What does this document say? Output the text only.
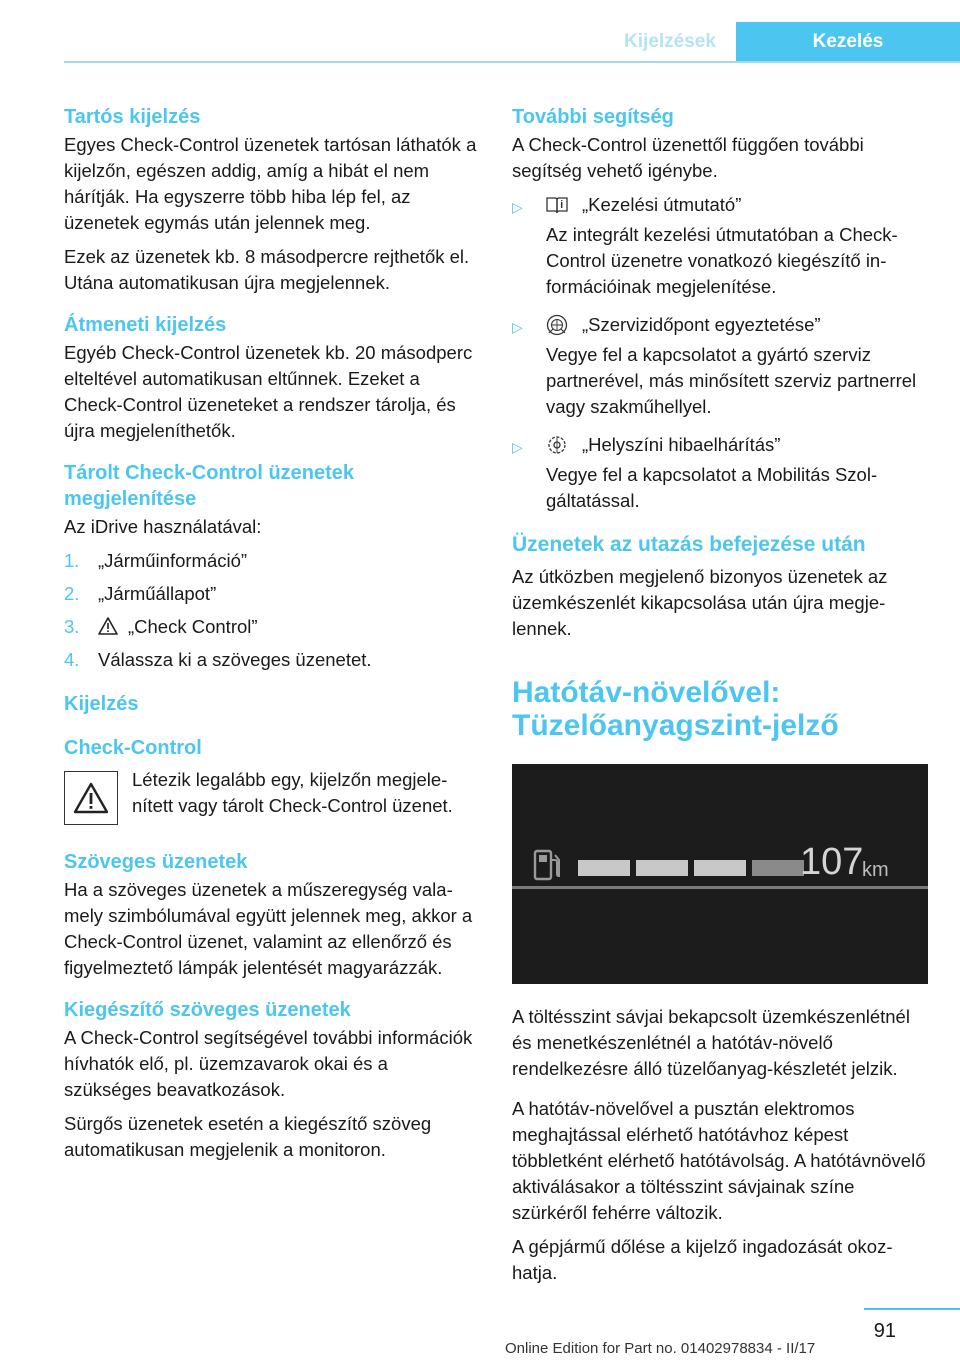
Kijelzések	Kezelés
Tartós kijelzés

Egyes Check-Control üzenetek tartósan láthatók a kijelzőn, egészen addig, amíg a hibát el nem hárítják. Ha egyszerre több hiba lép fel, az üzenetek egymás után jelennek meg.

Ezek az üzenetek kb. 8 másodpercre rejthetők el. Utána automatikusan újra megjelennek.

Átmeneti kijelzés

Egyéb Check-Control üzenetek kb. 20 másodperc elteltével automatikusan eltűnnek. Ezeket a Check-Control üzeneteket a rendszer tárolja, és újra megjeleníthetők.

Tárolt Check-Control üzenetek megjelenítése

Az iDrive használatával:

1. „Járműinformáció”
2. „Járműállapot”
3.	„Check Control”
4. Válassza ki a szöveges üzenetet.
Kijelzés
Check-Control
Létezik legalább egy, kijelzőn megjelenített vagy tárolt Check-Control üzenet.
Szöveges üzenetek

Ha a szöveges üzenetek a műszeregység valamely szimbólumával együtt jelennek meg, akkor a Check-Control üzenet, valamint az ellenőrző és figyelmeztető lámpák jelentését magyarázzák.

Kiegészítő szöveges üzenetek

A Check-Control segítségével további információk hívhatók elő, pl. üzemzavarok okai és a szükséges beavatkozások.

Sürgős üzenetek esetén a kiegészítő szöveg automatikusan megjelenik a monitoron.

További segítség

A Check-Control üzenettől függően további segítség vehető igénybe.

▷	„Kezelési útmutató”

Az integrált kezelési útmutatóban a Check-Control üzenetre vonatkozó kiegészítő információinak megjelenítése.

▷	„Szervizidőpont egyeztetése”

Vegye fel a kapcsolatot a gyártó szerviz partnerével, más minősített szerviz partnerrel vagy szakműhellyel.

▷	„Helyszíni hibaelhárítás”

Vegye fel a kapcsolatot a Mobilitás Szolgáltatással.

Üzenetek az utazás befejezése után

Az útközben megjelenő bizonyos üzenetek az üzemkészenlét kikapcsolása után újra megjelennek.

Hatótáv-növelővel:
Tüzelőanyagszint-jelző
107
km

A töltésszint sávjai bekapcsolt üzemkészenlétnél és menetkészenlétnél a hatótáv-növelő rendelkezésre álló tüzelőanyag-készletét jelzik.

A hatótáv-növelővel a pusztán elektromos meghajtással elérhető hatótávhoz képest többletként elérhető hatótávolság. A hatótávnövelő aktiválásakor a töltésszint sávjainak színe szürkéről fehérre változik.

A gépjármű dőlése a kijelző ingadozását okozhatja.

91
Online Edition for Part no. 01402978834 - II/17
